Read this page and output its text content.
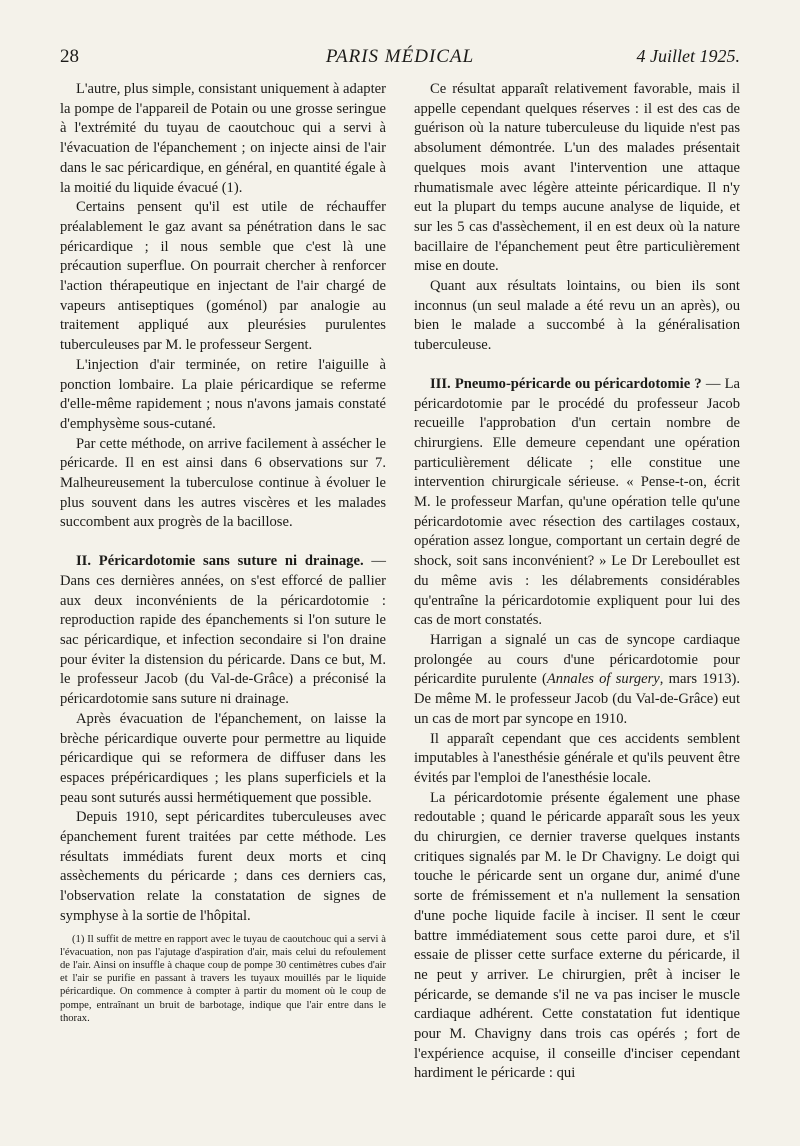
28	PARIS MÉDICAL	4 Juillet 1925.

L'autre, plus simple, consistant uniquement à adapter la pompe de l'appareil de Potain ou une grosse seringue à l'extrémité du tuyau de caoutchouc qui a servi à l'évacuation de l'épanchement ; on injecte ainsi de l'air dans le sac péricardique, en général, en quantité égale à la moitié du liquide évacué (1).

Certains pensent qu'il est utile de réchauffer préalablement le gaz avant sa pénétration dans le sac péricardique ; il nous semble que c'est là une précaution superflue. On pourrait chercher à renforcer l'action thérapeutique en injectant de l'air chargé de vapeurs antiseptiques (goménol) par analogie au traitement appliqué aux pleurésies purulentes tuberculeuses par M. le professeur Sergent.

L'injection d'air terminée, on retire l'aiguille à ponction lombaire. La plaie péricardique se referme d'elle-même rapidement ; nous n'avons jamais constaté d'emphysème sous-cutané.

Par cette méthode, on arrive facilement à assécher le péricarde. Il en est ainsi dans 6 observations sur 7. Malheureusement la tuberculose continue à évoluer le plus souvent dans les autres viscères et les malades succombent aux progrès de la bacillose.

II. Péricardotomie sans suture ni drainage. — Dans ces dernières années, on s'est efforcé de pallier aux deux inconvénients de la péricardotomie : reproduction rapide des épanchements si l'on suture le sac péricardique, et infection secondaire si l'on draine pour éviter la distension du péricarde. Dans ce but, M. le professeur Jacob (du Val-de-Grâce) a préconisé la péricardotomie sans suture ni drainage.

Après évacuation de l'épanchement, on laisse la brèche péricardique ouverte pour permettre au liquide péricardique qui se reformera de diffuser dans les espaces prépéricardiques ; les plans superficiels et la peau sont suturés aussi hermétiquement que possible.

Depuis 1910, sept péricardites tuberculeuses avec épanchement furent traitées par cette méthode. Les résultats immédiats furent deux morts et cinq assèchements du péricarde ; dans ces derniers cas, l'observation relate la constatation de signes de symphyse à la sortie de l'hôpital.

(1) Il suffit de mettre en rapport avec le tuyau de caoutchouc qui a servi à l'évacuation, non pas l'ajutage d'aspiration d'air, mais celui du refoulement de l'air. Ainsi on insuffle à chaque coup de pompe 30 centimètres cubes d'air et l'air se purifie en passant à travers les tuyaux mouillés par le liquide péricardique. On commence à compter à partir du moment où le coup de pompe, entraînant un bruit de barbotage, indique que l'air entre dans le thorax.

Ce résultat apparaît relativement favorable, mais il appelle cependant quelques réserves : il est des cas de guérison où la nature tuberculeuse du liquide n'est pas absolument démontrée. L'un des malades présentait quelques mois avant l'intervention une attaque rhumatismale avec légère atteinte péricardique. Il n'y eut la plupart du temps aucune analyse de liquide, et sur les 5 cas d'assèchement, il en est deux où la nature bacillaire de l'épanchement peut être particulièrement mise en doute.

Quant aux résultats lointains, ou bien ils sont inconnus (un seul malade a été revu un an après), ou bien le malade a succombé à la généralisation tuberculeuse.

III. Pneumo-péricarde ou péricardotomie ? — La péricardotomie par le procédé du professeur Jacob recueille l'approbation d'un certain nombre de chirurgiens. Elle demeure cependant une opération particulièrement délicate ; elle constitue une intervention chirurgicale sérieuse. « Pense-t-on, écrit M. le professeur Marfan, qu'une opération telle qu'une péricardotomie avec résection des cartilages costaux, opération assez longue, comportant un certain degré de shock, soit sans inconvénient? » Le Dr Lereboullet est du même avis : les délabrements considérables qu'entraîne la péricardotomie expliquent pour lui des cas de mort constatés.

Harrigan a signalé un cas de syncope cardiaque prolongée au cours d'une péricardotomie pour péricardite purulente (Annales of surgery, mars 1913). De même M. le professeur Jacob (du Val-de-Grâce) eut un cas de mort par syncope en 1910.

Il apparaît cependant que ces accidents semblent imputables à l'anesthésie générale et qu'ils peuvent être évités par l'emploi de l'anesthésie locale.

La péricardotomie présente également une phase redoutable ; quand le péricarde apparaît sous les yeux du chirurgien, ce dernier traverse quelques instants critiques signalés par M. le Dr Chavigny. Le doigt qui touche le péricarde sent un organe dur, animé d'une sorte de frémissement et n'a nullement la sensation d'une poche liquide facile à inciser. Il sent le cœur battre immédiatement sous cette paroi dure, et s'il essaie de plisser cette surface externe du péricarde, il ne peut y arriver. Le chirurgien, prêt à inciser le péricarde, se demande s'il ne va pas inciser le muscle cardiaque adhérent. Cette constatation fut identique pour M. Chavigny dans trois cas opérés ; fort de l'expérience acquise, il conseille d'inciser cependant hardiment le péricarde : qui
